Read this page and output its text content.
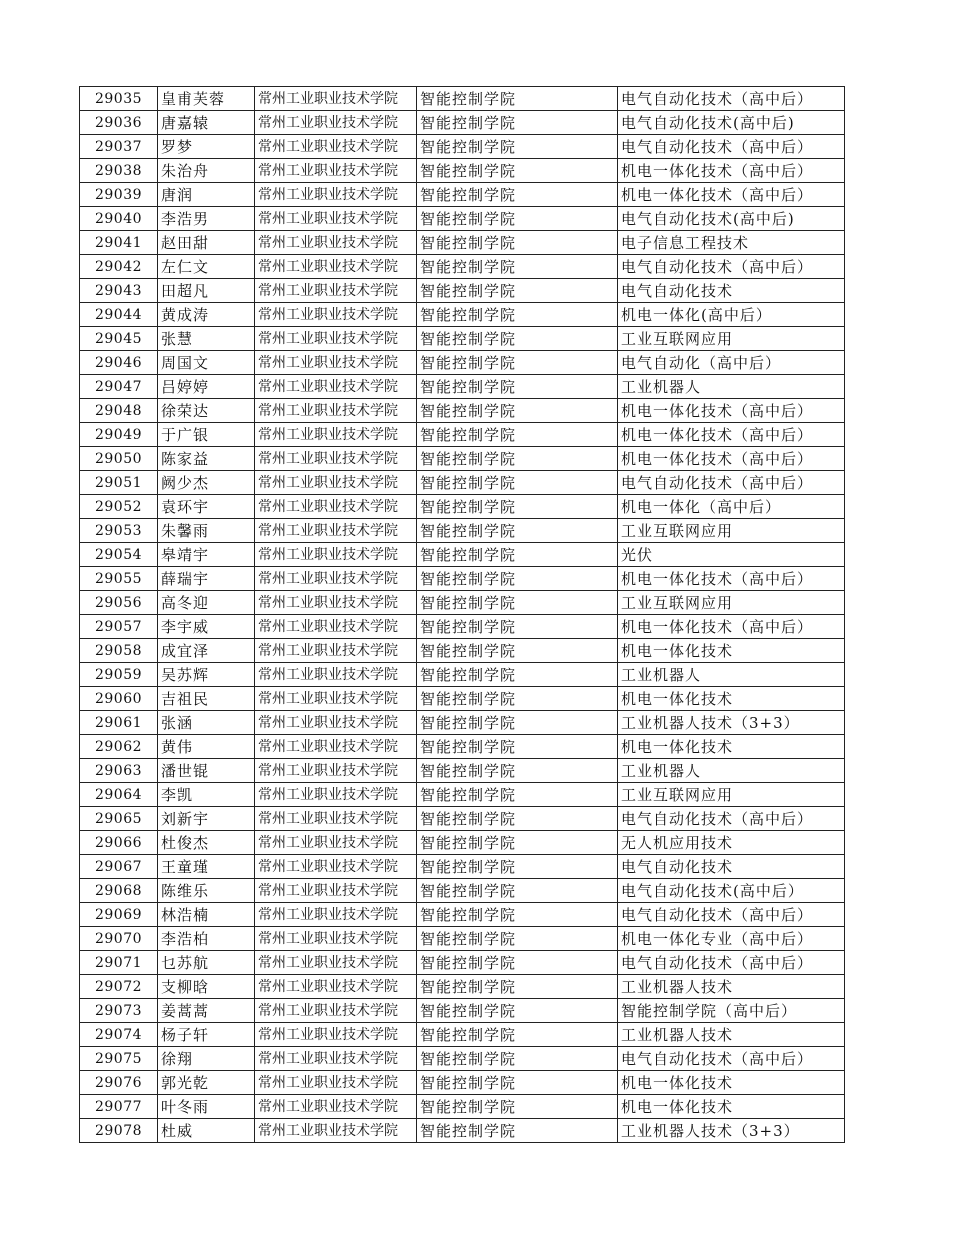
29035	皇甫芙蓉	常州工业职业技术学院	智能控制学院	电气自动化技术（高中后）
29036	唐嘉辕	常州工业职业技术学院	智能控制学院	电气自动化技术(高中后)
29037	罗梦	常州工业职业技术学院	智能控制学院	电气自动化技术（高中后）
29038	朱治舟	常州工业职业技术学院	智能控制学院	机电一体化技术（高中后）
29039	唐润	常州工业职业技术学院	智能控制学院	机电一体化技术（高中后）
29040	李浩男	常州工业职业技术学院	智能控制学院	电气自动化技术(高中后)
29041	赵田甜	常州工业职业技术学院	智能控制学院	电子信息工程技术
29042	左仁文	常州工业职业技术学院	智能控制学院	电气自动化技术（高中后）
29043	田超凡	常州工业职业技术学院	智能控制学院	电气自动化技术
29044	黄成涛	常州工业职业技术学院	智能控制学院	机电一体化(高中后）
29045	张慧	常州工业职业技术学院	智能控制学院	工业互联网应用
29046	周国文	常州工业职业技术学院	智能控制学院	电气自动化（高中后）
29047	吕婷婷	常州工业职业技术学院	智能控制学院	工业机器人
29048	徐荣达	常州工业职业技术学院	智能控制学院	机电一体化技术（高中后）
29049	于广银	常州工业职业技术学院	智能控制学院	机电一体化技术（高中后）
29050	陈家益	常州工业职业技术学院	智能控制学院	机电一体化技术（高中后）
29051	阙少杰	常州工业职业技术学院	智能控制学院	电气自动化技术（高中后）
29052	袁环宇	常州工业职业技术学院	智能控制学院	机电一体化（高中后）
29053	朱馨雨	常州工业职业技术学院	智能控制学院	工业互联网应用
29054	皋靖宇	常州工业职业技术学院	智能控制学院	光伏
29055	薛瑞宇	常州工业职业技术学院	智能控制学院	机电一体化技术（高中后）
29056	高冬迎	常州工业职业技术学院	智能控制学院	工业互联网应用
29057	李宇威	常州工业职业技术学院	智能控制学院	机电一体化技术（高中后）
29058	成宜泽	常州工业职业技术学院	智能控制学院	机电一体化技术
29059	吴苏辉	常州工业职业技术学院	智能控制学院	工业机器人
29060	吉祖民	常州工业职业技术学院	智能控制学院	机电一体化技术
29061	张涵	常州工业职业技术学院	智能控制学院	工业机器人技术（3+3）
29062	黄伟	常州工业职业技术学院	智能控制学院	机电一体化技术
29063	潘世锟	常州工业职业技术学院	智能控制学院	工业机器人
29064	李凯	常州工业职业技术学院	智能控制学院	工业互联网应用
29065	刘新宇	常州工业职业技术学院	智能控制学院	电气自动化技术（高中后）
29066	杜俊杰	常州工业职业技术学院	智能控制学院	无人机应用技术
29067	王童瑾	常州工业职业技术学院	智能控制学院	电气自动化技术
29068	陈维乐	常州工业职业技术学院	智能控制学院	电气自动化技术(高中后）
29069	林浩楠	常州工业职业技术学院	智能控制学院	电气自动化技术（高中后）
29070	李浩柏	常州工业职业技术学院	智能控制学院	机电一体化专业（高中后）
29071	乜苏航	常州工业职业技术学院	智能控制学院	电气自动化技术（高中后）
29072	支柳晗	常州工业职业技术学院	智能控制学院	工业机器人技术
29073	姜蒿蒿	常州工业职业技术学院	智能控制学院	智能控制学院（高中后）
29074	杨子轩	常州工业职业技术学院	智能控制学院	工业机器人技术
29075	徐翔	常州工业职业技术学院	智能控制学院	电气自动化技术（高中后）
29076	郭光乾	常州工业职业技术学院	智能控制学院	机电一体化技术
29077	叶冬雨	常州工业职业技术学院	智能控制学院	机电一体化技术
29078	杜威	常州工业职业技术学院	智能控制学院	工业机器人技术（3+3）
